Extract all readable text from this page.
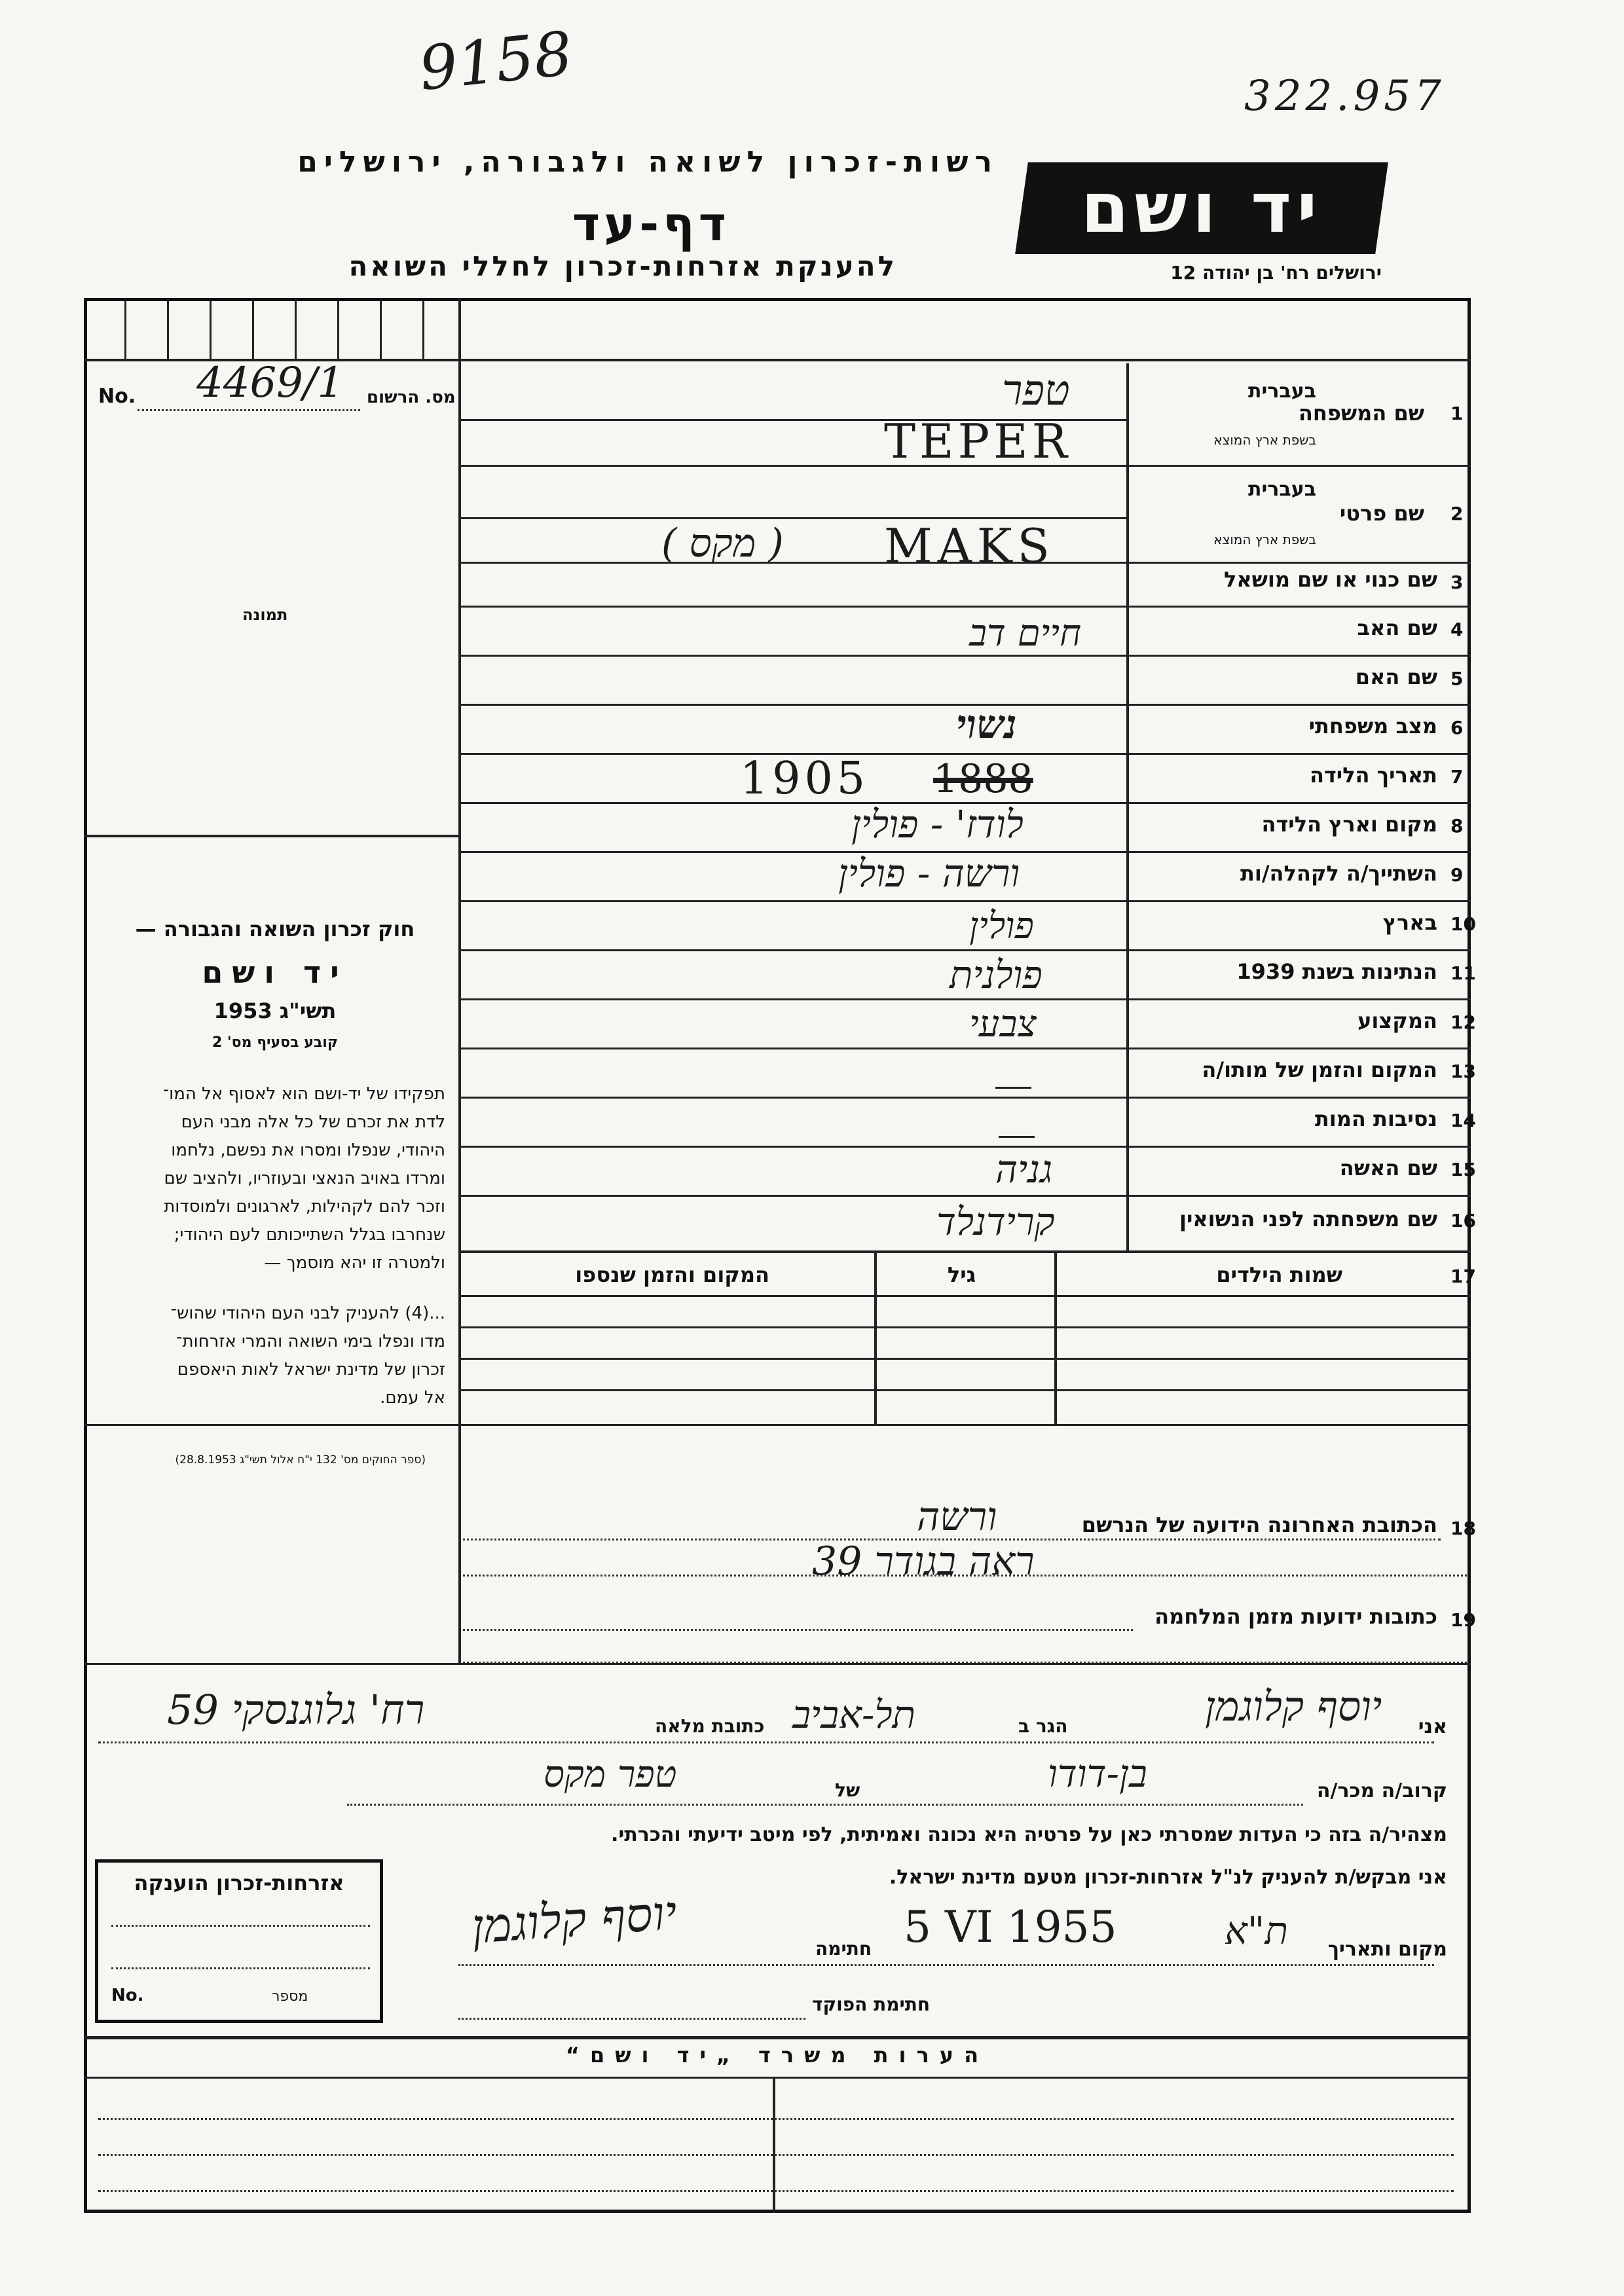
9158	322.957
רשות-זכרון לשואה ולגבורה, ירושלים
דף-עד
להענקת אזרחות-זכרון לחללי השואה
יד ושם
ירושלים רח' בן יהודה 12
No. 4469/1 מס. הרשום
תמונה
חוק זכרון השואה והגבורה —
יד ושם
תשי"ג 1953
קובע בסעיף מס' 2
תפקידו של יד-ושם הוא לאסוף אל המו־
לדת את זכרם של כל אלה מבני העם
היהודי, שנפלו ומסרו את נפשם, נלחמו
ומרדו באויב הנאצי ובעוזריו, ולהציב שם
וזכר להם לקהילות, לארגונים ולמוסדות
שנחרבו בגלל השתייכותם לעם היהודי;
ולמטרה זו יהא מוסמך —
...(4) להעניק לבני העם היהודי שהוש־
מדו ונפלו בימי השואה והמרי אזרחות־
זכרון של מדינת ישראל לאות היאספם
אל עמם.
(ספר החוקים מס' 132 י"ח אלול תשי"ג 28.8.1953)
1
שם המשפחה
בעברית
בשפת ארץ המוצא
טפר
TEPER
2
שם פרטי
בעברית
בשפת ארץ המוצא
( מקס ) MAKS
3
שם כנוי או שם מושאל
4
שם האב
חיים דב
5
שם האם
6
מצב משפחתי
נשוי
7
תאריך הלידה
1905 1888
8
מקום וארץ הלידה
לודז' - פולין
9
השתייך/ה לקהלה/ות
ורשה - פולין
10
בארץ
פולין
11
הנתינות בשנת 1939
פולנית
12
המקצוע
צבעי
13
המקום והזמן של מותו/ה
14
נסיבות המות
15
שם האשה
גניה
16
שם משפחתה לפני הנשואין
קרידנלד
17
שמות הילדים
גיל
המקום והזמן שנספו
18
הכתובת האחרונה הידועה של הנרשם
ורשה
ראה בגודר 39
19
כתובות ידועות מזמן המלחמה
אני
יוסף קלוגמן
הגר ב
תל-אביב
כתובת מלאה
רח' גלוגנסקי 59
קרוב/ה מכר/ה
בן-דודו
של
טפר מקס
מצהיר/ה בזה כי העדות שמסרתי כאן על פרטיה היא נכונה ואמיתית, לפי מיטב ידיעתי והכרתי.
אני מבקש/ת להעניק לנ"ל אזרחות-זכרון מטעם מדינת ישראל.
מקום ותאריך
ת"א
5 VI 1955
חתימה
יוסף קלוגמן
חתימת הפוקד
אזרחות-זכרון הוענקה
No.	מספר
הערות משרד „יד ושם“
